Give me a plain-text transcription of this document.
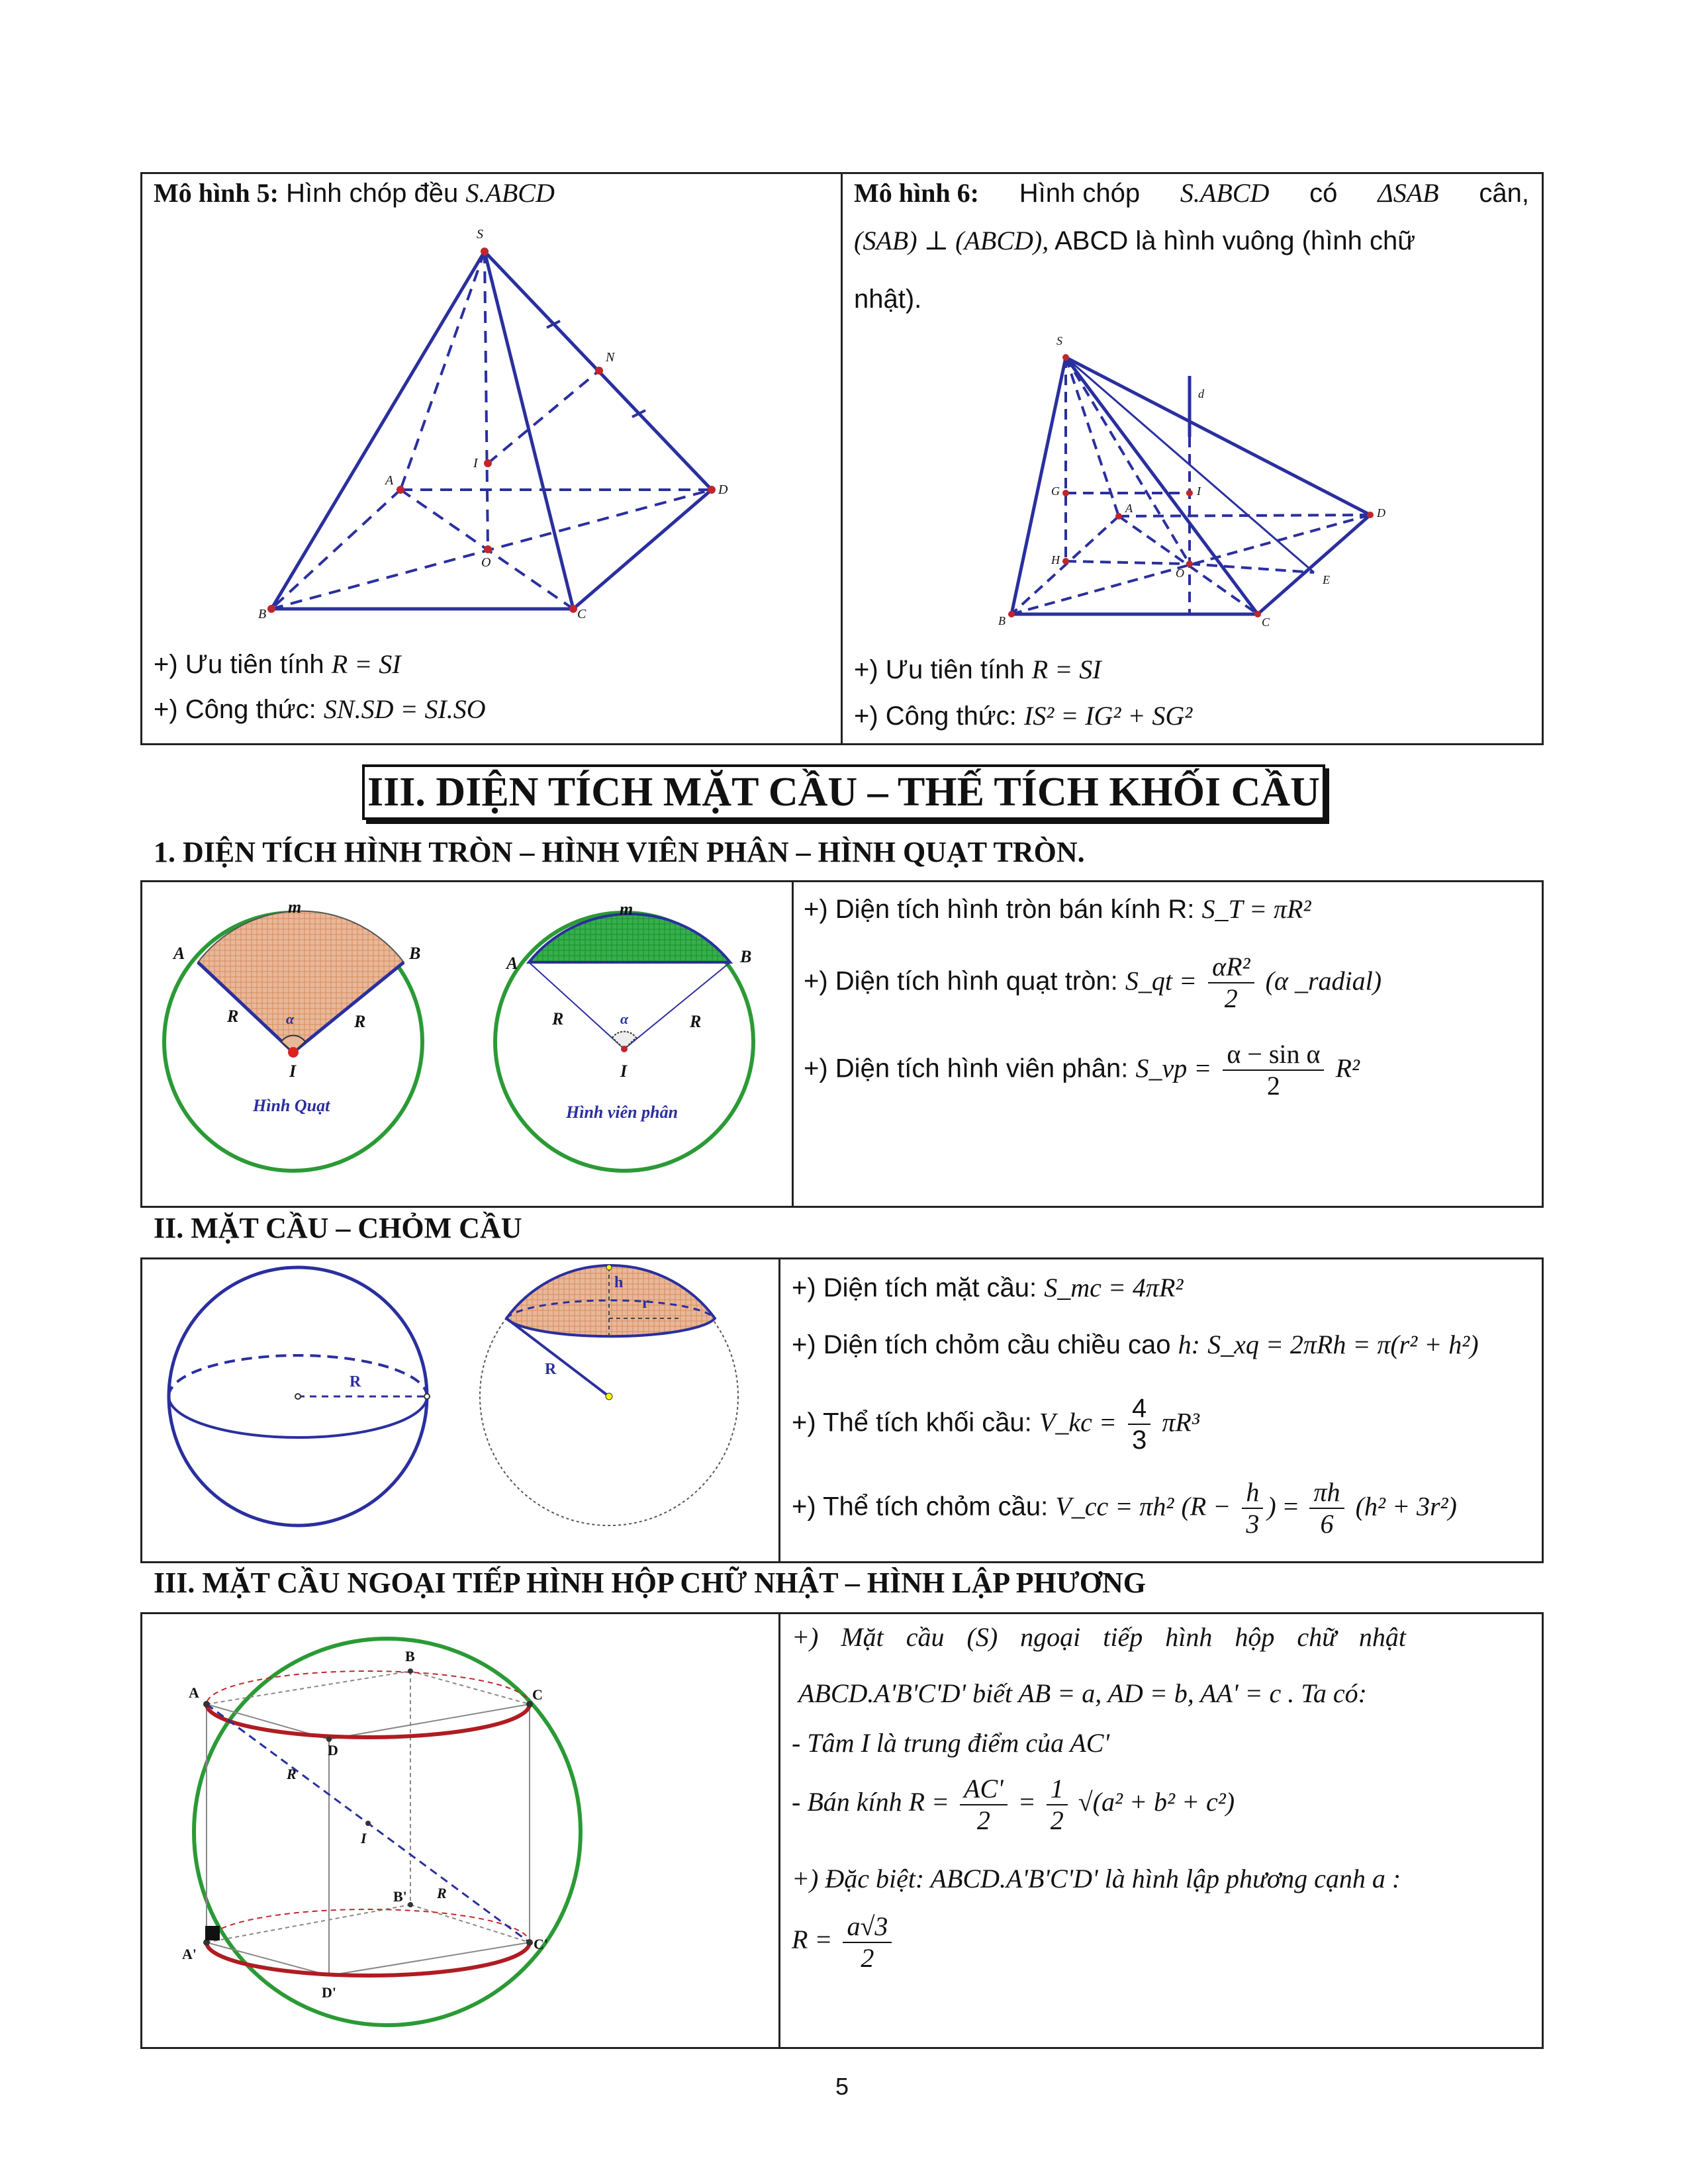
Mô hình 5: Hình chóp đều S.ABCD
S
N
I
A
D
O
B	C
+) Ưu tiên tính R = SI
+) Công thức: SN.SD = SI.SO
Mô hình 6: Hình chóp S.ABCD có ΔSAB cân,
(SAB) ⊥ (ABCD), ABCD là hình vuông (hình chữ
nhật).
S
d
G	I
A	D
H
O	E
B	C
+) Ưu tiên tính R = SI
+) Công thức: IS² = IG² + SG²
III. DIỆN TÍCH MẶT CẦU – THẾ TÍCH KHỐI CẦU
1. DIỆN TÍCH HÌNH TRÒN – HÌNH VIÊN PHÂN – HÌNH QUẠT TRÒN.
m
A	B
R	R
α
I
Hình Quạt
m
A	B
R	R
α
I
Hình viên phân
+) Diện tích hình tròn bán kính R: S_T = πR²
+) Diện tích hình quạt tròn: S_qt = $\frac{\text{αR²}}{2} (\alpha$ _radial)
+) Diện tích hình viên phân: S_vp = $\frac{\text{α − sin α}}{2} R^2$
II. MẶT CẦU – CHỎM CẦU
R
h
r
R
+) Diện tích mặt cầu: S_mc = 4πR²
+) Diện tích chỏm cầu chiều cao h: S_xq = 2πRh = π(r² + h²)
+) Thể tích khối cầu: V_kc = $\frac{4}{3} \pi R^3$
+) Thể tích chỏm cầu: V_cc = πh² ($R - \frac{h}{3}$ ) = $\frac{\pi h}{6} (h^2 + 3r^2)$
III. MẶT CẦU NGOẠI TIẾP HÌNH HỘP CHỮ NHẬT – HÌNH LẬP PHƯƠNG
A
B
C
D
R
I
B' R
A'
C'
D'
+) Mặt cầu (S) ngoại tiếp hình hộp chữ nhật
ABCD.A'B'C'D' biết AB = a, AD = b, AA' = c . Ta có:
- Tâm I là trung điểm của AC'
- Bán kính $R = \frac{AC'}{2} = \frac{1}{2} √(a^2 + b^2 + c^2)$
+) Đặc biệt: ABCD.A'B'C'D' là hình lập phương cạnh a :
$R = \frac{a√3}{2}$
5
